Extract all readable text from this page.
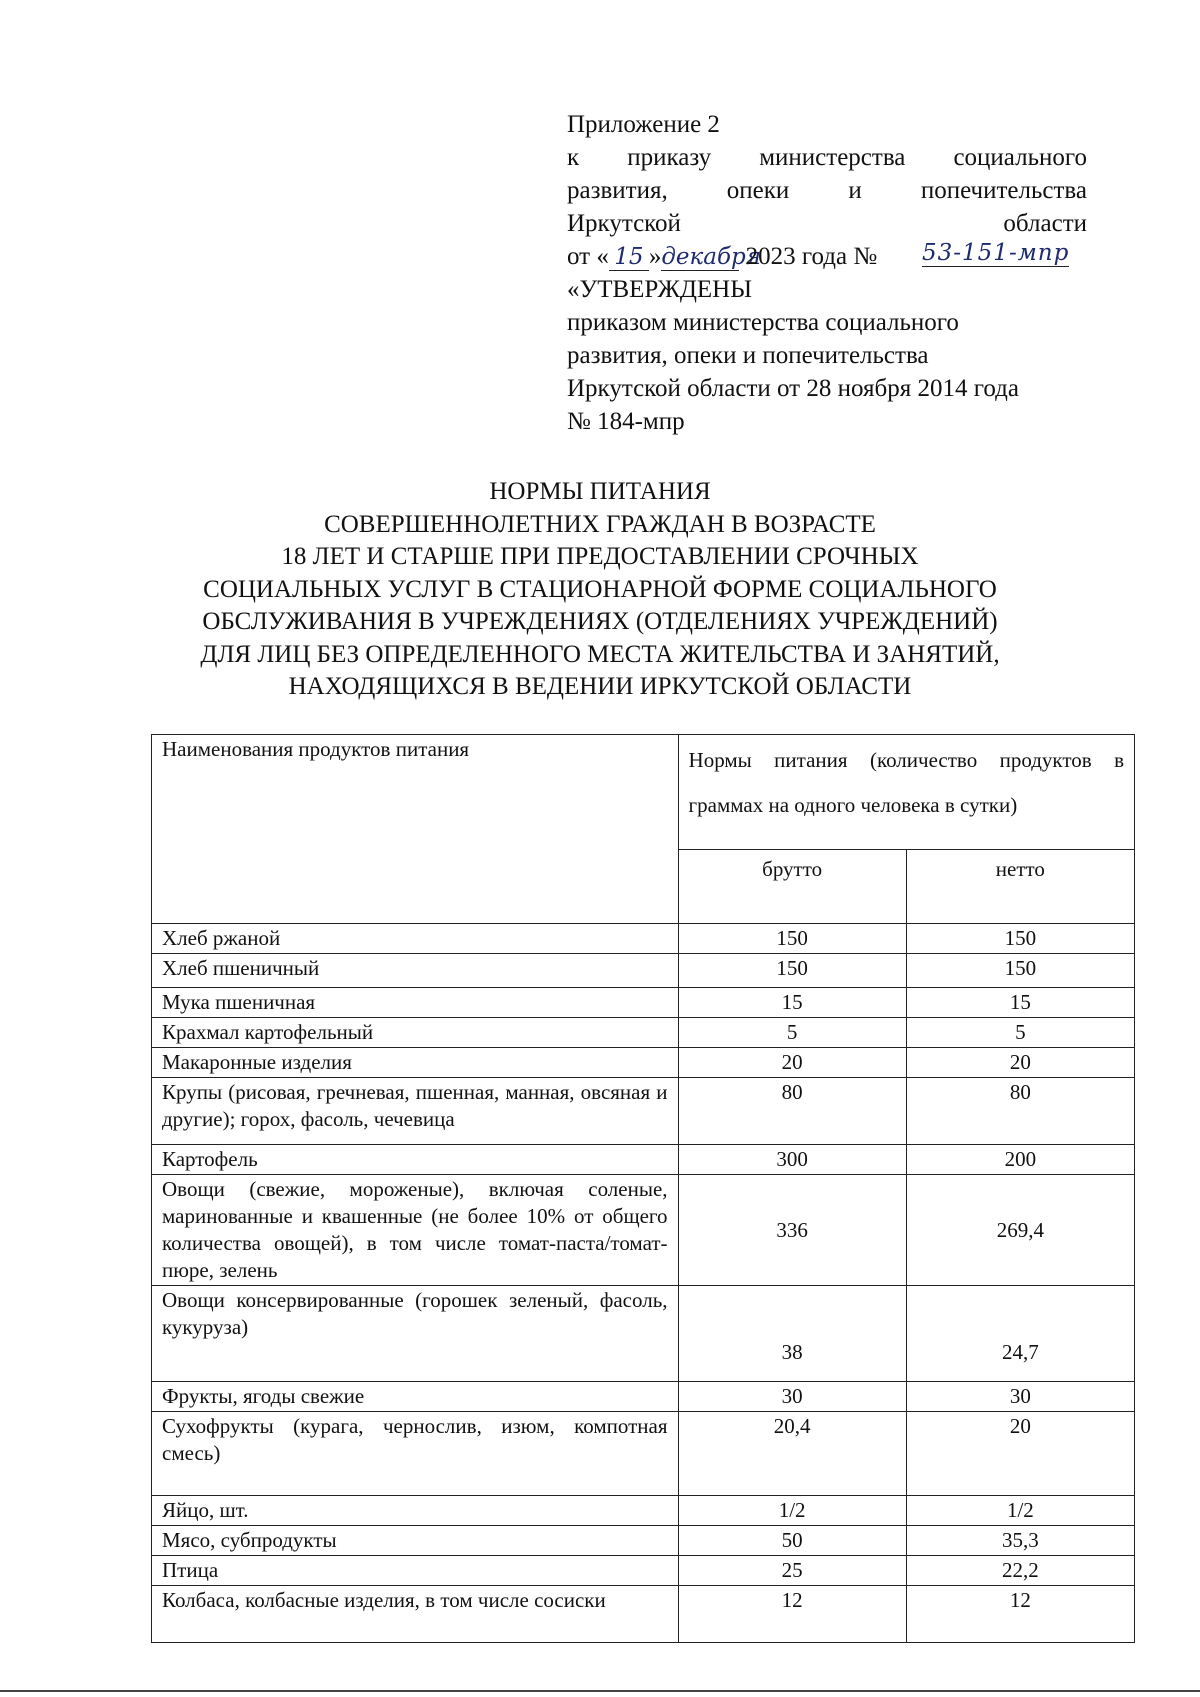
Приложение 2
к приказу министерства социального
развития, опеки и попечительства
Иркутской области
от « 15 »декабря 2023 года № 53-151-мпр
«УТВЕРЖДЕНЫ
приказом министерства социального
развития, опеки и попечительства
Иркутской области от 28 ноября 2014 года
№ 184-мпр
НОРМЫ ПИТАНИЯ
СОВЕРШЕННОЛЕТНИХ ГРАЖДАН В ВОЗРАСТЕ
18 ЛЕТ И СТАРШЕ ПРИ ПРЕДОСТАВЛЕНИИ СРОЧНЫХ
СОЦИАЛЬНЫХ УСЛУГ В СТАЦИОНАРНОЙ ФОРМЕ СОЦИАЛЬНОГО
ОБСЛУЖИВАНИЯ В УЧРЕЖДЕНИЯХ (ОТДЕЛЕНИЯХ УЧРЕЖДЕНИЙ)
ДЛЯ ЛИЦ БЕЗ ОПРЕДЕЛЕННОГО МЕСТА ЖИТЕЛЬСТВА И ЗАНЯТИЙ,
НАХОДЯЩИХСЯ В ВЕДЕНИИ ИРКУТСКОЙ ОБЛАСТИ
Наименования продуктов питания	Нормы питания (количество продуктов в граммах на одного человека в сутки)	
	брутто	нетто
Хлеб ржаной	150	150
Хлеб пшеничный	150	150
Мука пшеничная	15	15
Крахмал картофельный	5	5
Макаронные изделия	20	20
Крупы (рисовая, гречневая, пшенная, манная, овсяная и другие); горох, фасоль, чечевица	80	80
Картофель	300	200
Овощи (свежие, мороженые), включая соленые, маринованные и квашенные (не более 10% от общего количества овощей), в том числе томат-паста/томат-пюре, зелень	336	269,4
Овощи консервированные (горошек зеленый, фасоль, кукуруза)	38	24,7
Фрукты, ягоды свежие	30	30
Сухофрукты (курага, чернослив, изюм, компотная смесь)	20,4	20
Яйцо, шт.	1/2	1/2
Мясо, субпродукты	50	35,3
Птица	25	22,2
Колбаса, колбасные изделия, в том числе сосиски	12	12
